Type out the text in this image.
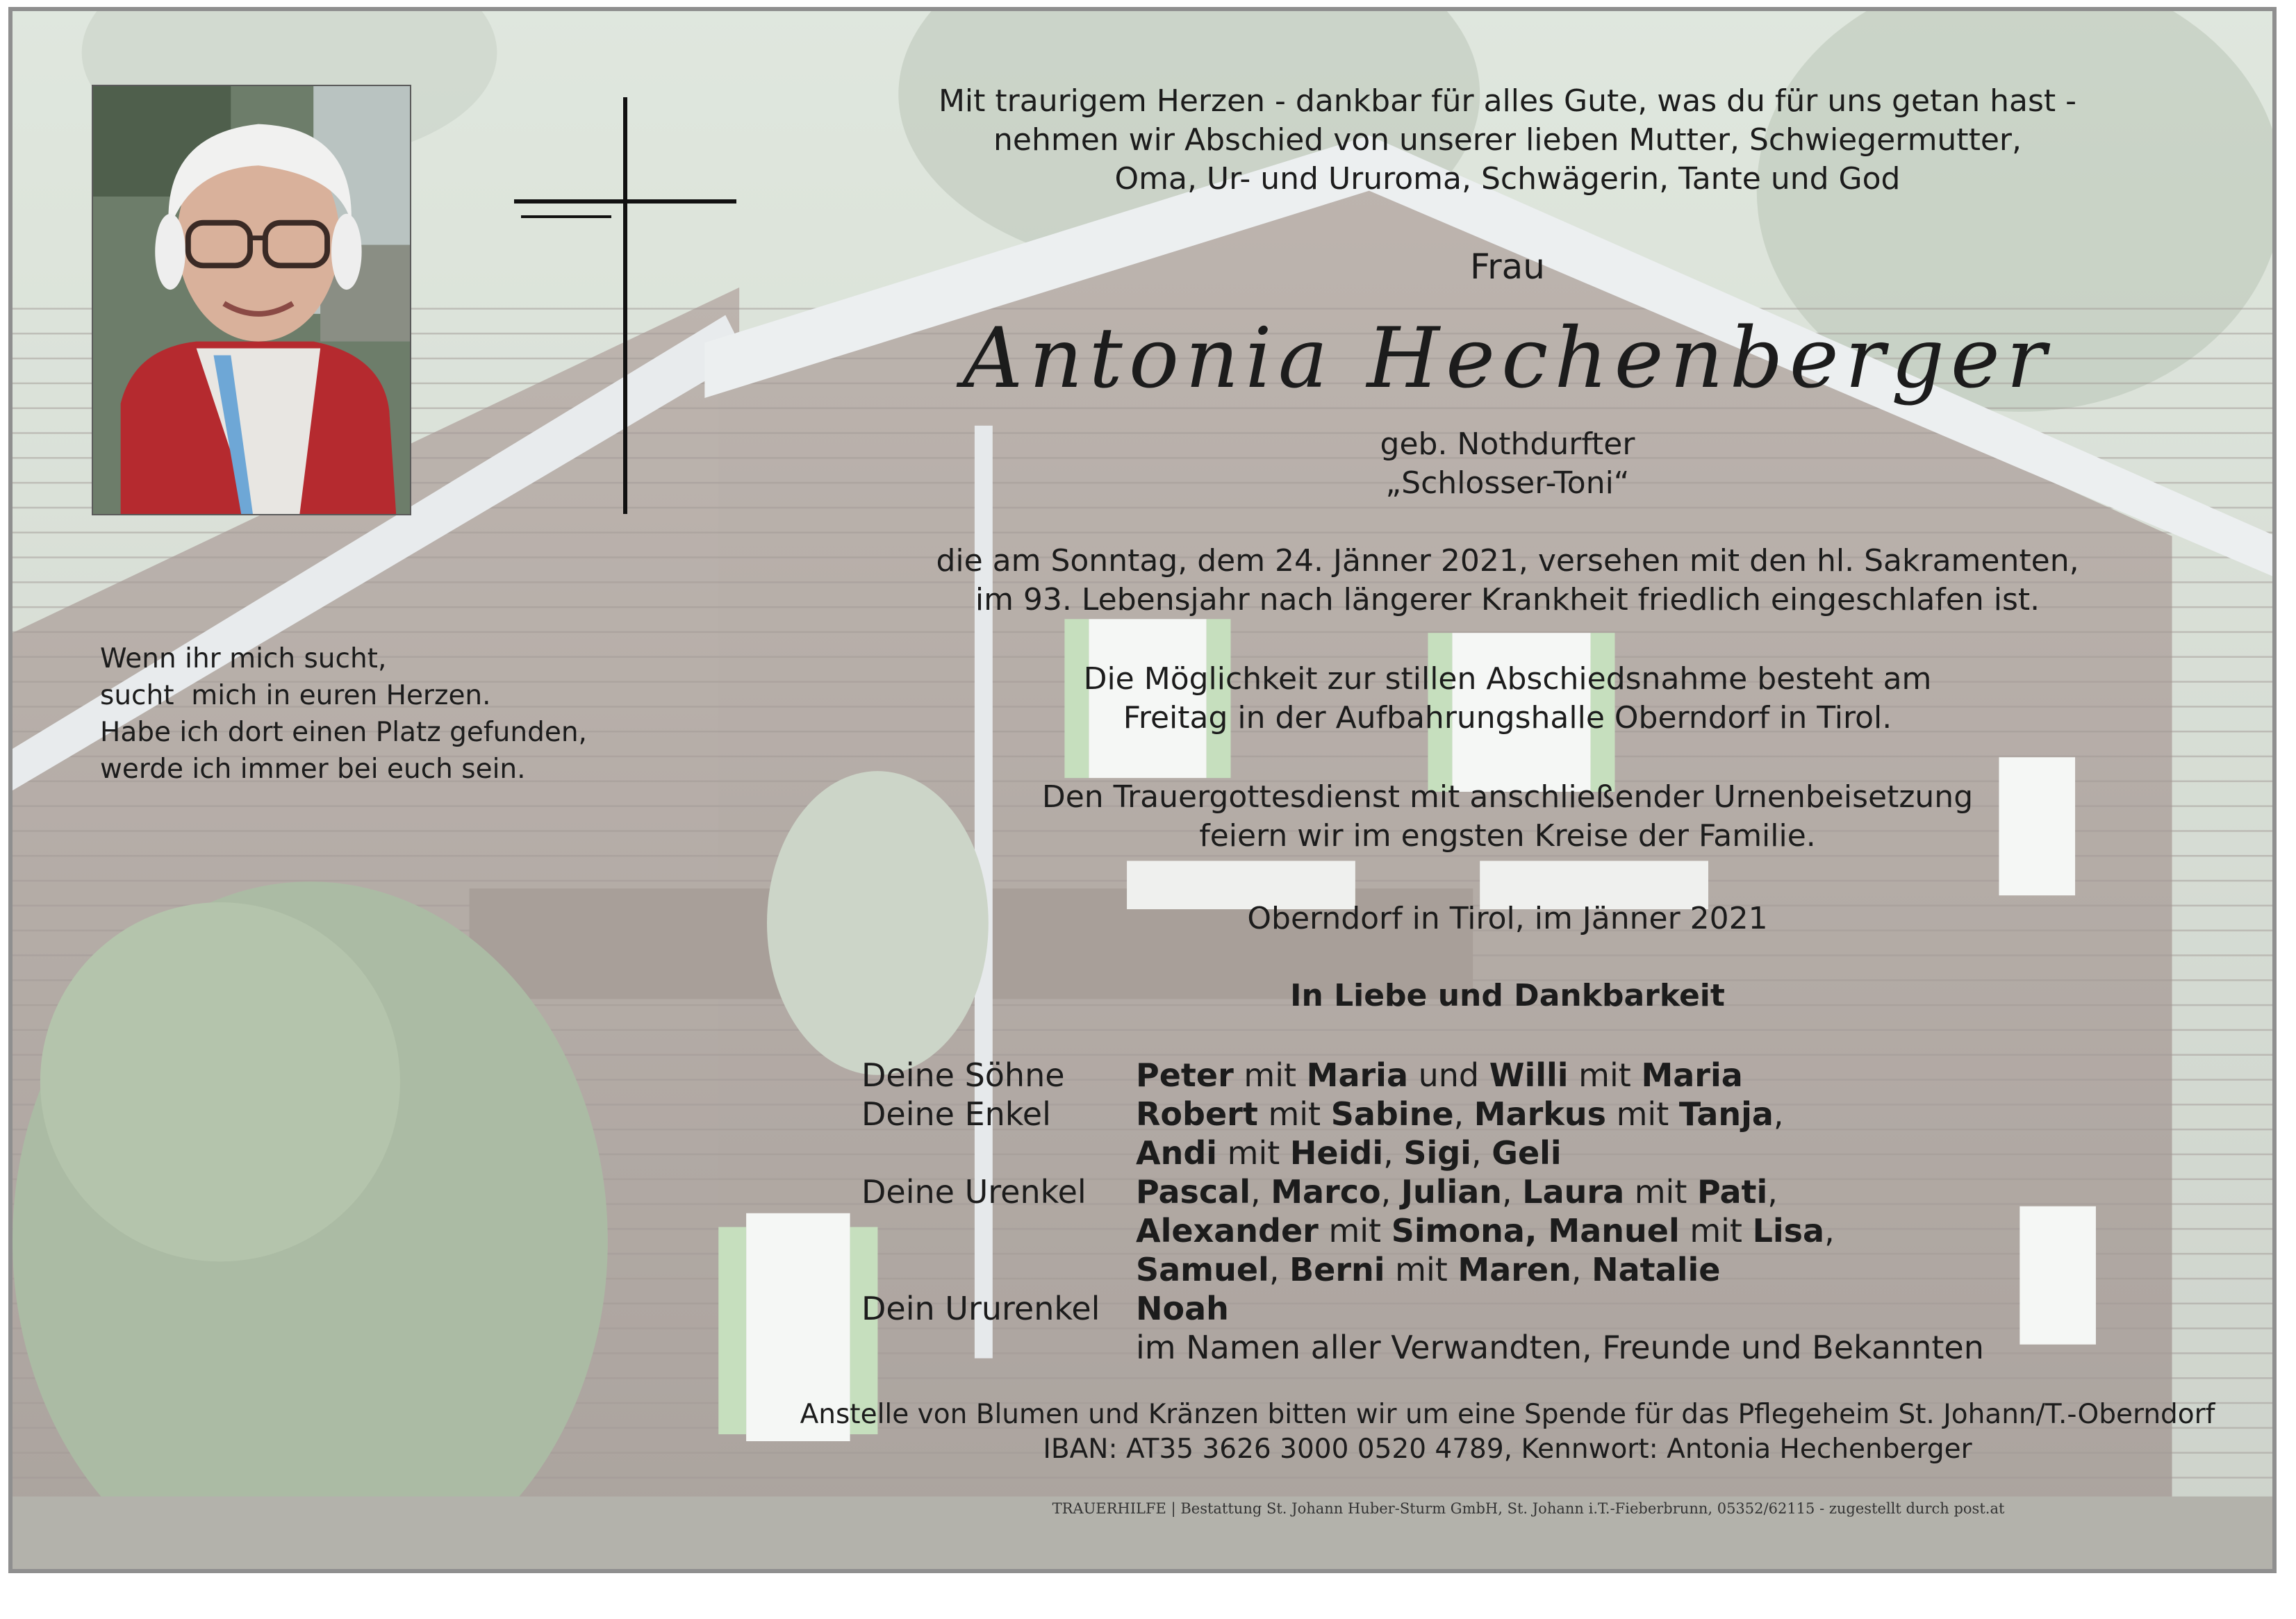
Wenn ihr mich sucht,
sucht  mich in euren Herzen.
Habe ich dort einen Platz gefunden,
werde ich immer bei euch sein.

Mit traurigem Herzen - dankbar für alles Gute, was du für uns getan hast -

nehmen wir Abschied von unserer lieben Mutter, Schwiegermutter,

Oma, Ur- und Ururoma, Schwägerin, Tante und God

Frau
Antonia Hechenberger

geb. Nothdurfter

„Schlosser-Toni“

die am Sonntag, dem 24. Jänner 2021, versehen mit den hl. Sakramenten,

im 93. Lebensjahr nach längerer Krankheit friedlich eingeschlafen ist.

Die Möglichkeit zur stillen Abschiedsnahme besteht am

Freitag in der Aufbahrungshalle Oberndorf in Tirol.

Den Trauergottesdienst mit anschließender Urnenbeisetzung

feiern wir im engsten Kreise der Familie.

Oberndorf in Tirol, im Jänner 2021
In Liebe und Dankbarkeit
Deine Söhne	Peter mit Maria und Willi mit Maria
Deine Enkel	Robert mit Sabine, Markus mit Tanja,
Andi mit Heidi, Sigi, Geli
Deine Urenkel	Pascal, Marco, Julian, Laura mit Pati,
Alexander mit Simona, Manuel mit Lisa,
Samuel, Berni mit Maren, Natalie
Dein Ururenkel	Noah
im Namen aller Verwandten, Freunde und Bekannten
Anstelle von Blumen und Kränzen bitten wir um eine Spende für das Pflegeheim St. Johann/T.-Oberndorf
IBAN: AT35 3626 3000 0520 4789, Kennwort: Antonia Hechenberger
TRAUERHILFE | Bestattung St. Johann Huber-Sturm GmbH, St. Johann i.T.-Fieberbrunn, 05352/62115 - zugestellt durch post.at
